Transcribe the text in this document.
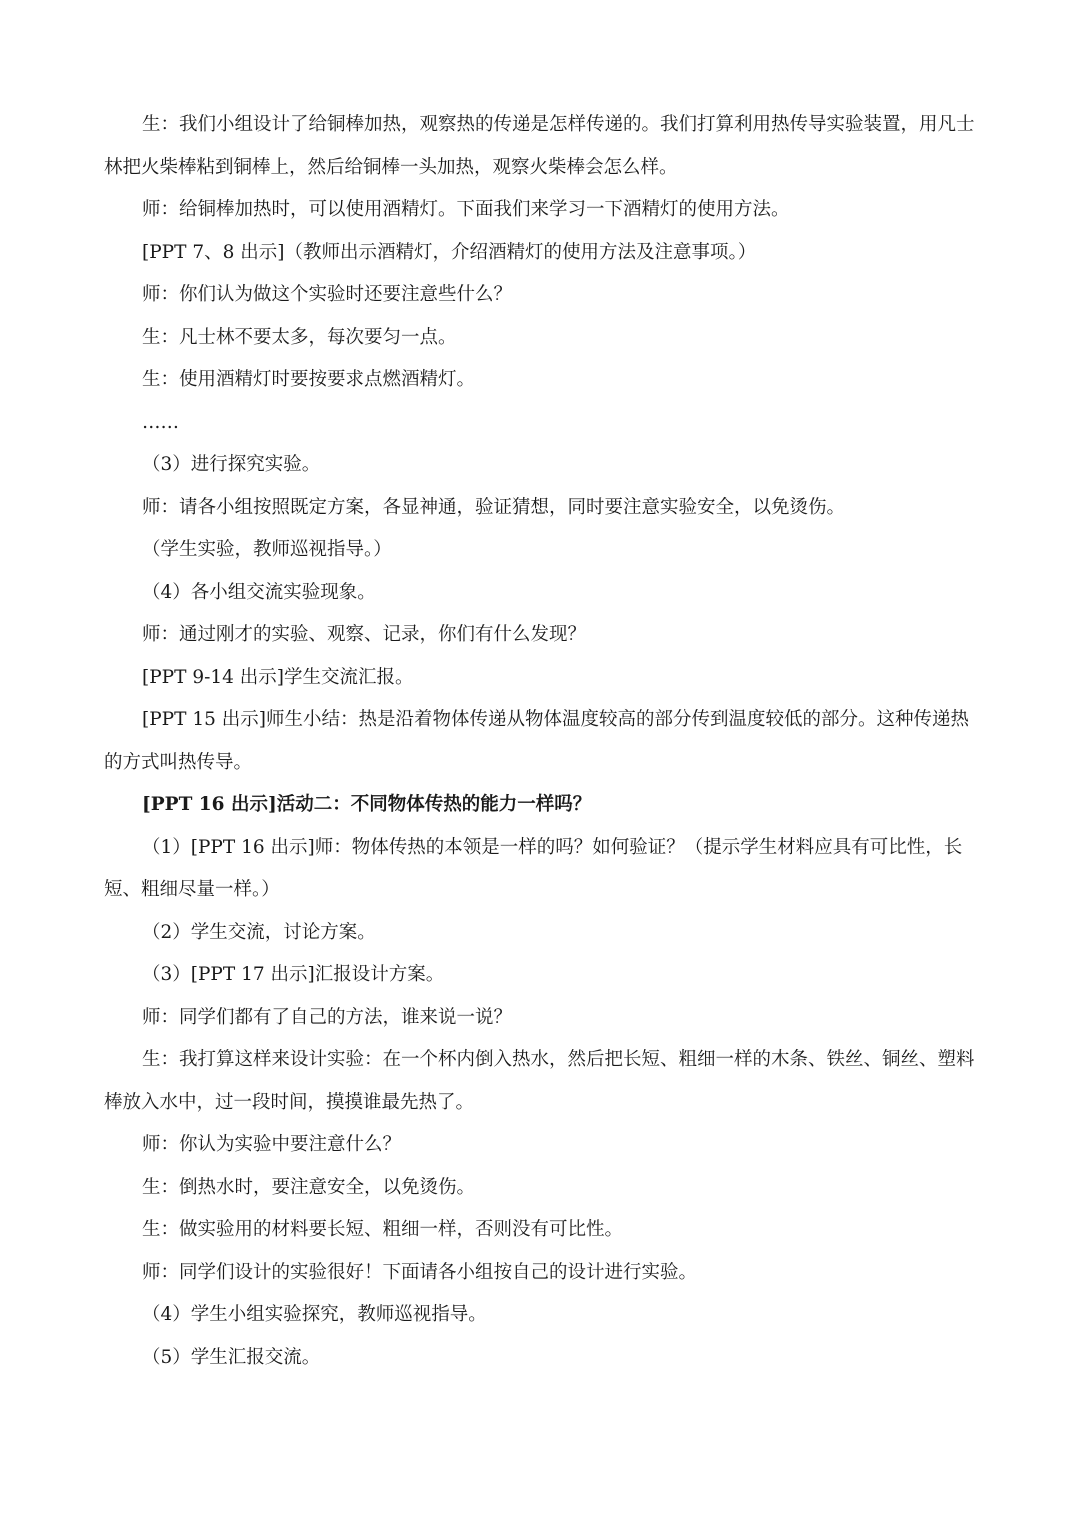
生：我们小组设计了给铜棒加热，观察热的传递是怎样传递的。我们打算利用热传导实验装置，用凡士林把火柴棒粘到铜棒上，然后给铜棒一头加热，观察火柴棒会怎么样。

师：给铜棒加热时，可以使用酒精灯。下面我们来学习一下酒精灯的使用方法。

[PPT 7、8 出示]（教师出示酒精灯，介绍酒精灯的使用方法及注意事项。）

师：你们认为做这个实验时还要注意些什么？

生：凡士林不要太多，每次要匀一点。

生：使用酒精灯时要按要求点燃酒精灯。

……

（3）进行探究实验。

师：请各小组按照既定方案，各显神通，验证猜想，同时要注意实验安全，以免烫伤。

（学生实验，教师巡视指导。）

（4）各小组交流实验现象。

师：通过刚才的实验、观察、记录，你们有什么发现？

[PPT 9-14 出示]学生交流汇报。

[PPT 15 出示]师生小结：热是沿着物体传递从物体温度较高的部分传到温度较低的部分。这种传递热的方式叫热传导。

[PPT 16 出示]活动二：不同物体传热的能力一样吗？

（1）[PPT 16 出示]师：物体传热的本领是一样的吗？如何验证？（提示学生材料应具有可比性，长短、粗细尽量一样。）

（2）学生交流，讨论方案。

（3）[PPT 17 出示]汇报设计方案。

师：同学们都有了自己的方法，谁来说一说？

生：我打算这样来设计实验：在一个杯内倒入热水，然后把长短、粗细一样的木条、铁丝、铜丝、塑料棒放入水中，过一段时间，摸摸谁最先热了。

师：你认为实验中要注意什么？

生：倒热水时，要注意安全，以免烫伤。

生：做实验用的材料要长短、粗细一样，否则没有可比性。

师：同学们设计的实验很好！下面请各小组按自己的设计进行实验。

（4）学生小组实验探究，教师巡视指导。

（5）学生汇报交流。
